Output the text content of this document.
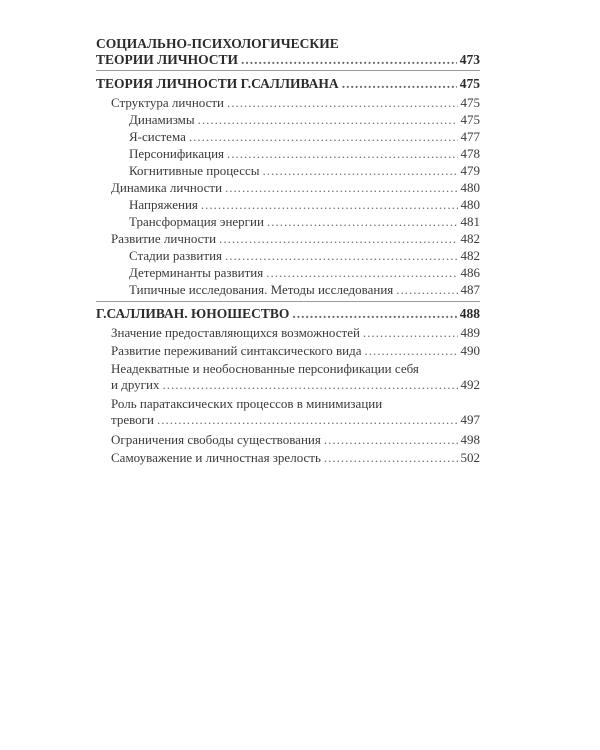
СОЦИАЛЬНО-ПСИХОЛОГИЧЕСКИЕ
ТЕОРИИ ЛИЧНОСТИ .....	473
ТЕОРИЯ ЛИЧНОСТИ Г.САЛЛИВАНА .....	475
Структура личности .....	475
Динамизмы .....	475
Я-система .....	477
Персонификация .....	478
Когнитивные процессы .....	479
Динамика личности .....	480
Напряжения .....	480
Трансформация энергии .....	481
Развитие личности .....	482
Стадии развития .....	482
Детерминанты развития .....	486
Типичные исследования. Методы исследования .....	487
Г.САЛЛИВАН. ЮНОШЕСТВО .....	488
Значение предоставляющихся возможностей .....	489
Развитие переживаний синтаксического вида .....	490
Неадекватные и необоснованные персонификации себя
и других .....	492
Роль паратаксических процессов в минимизации
тревоги .....	497
Ограничения свободы существования .....	498
Самоуважение и личностная зрелость .....	502
